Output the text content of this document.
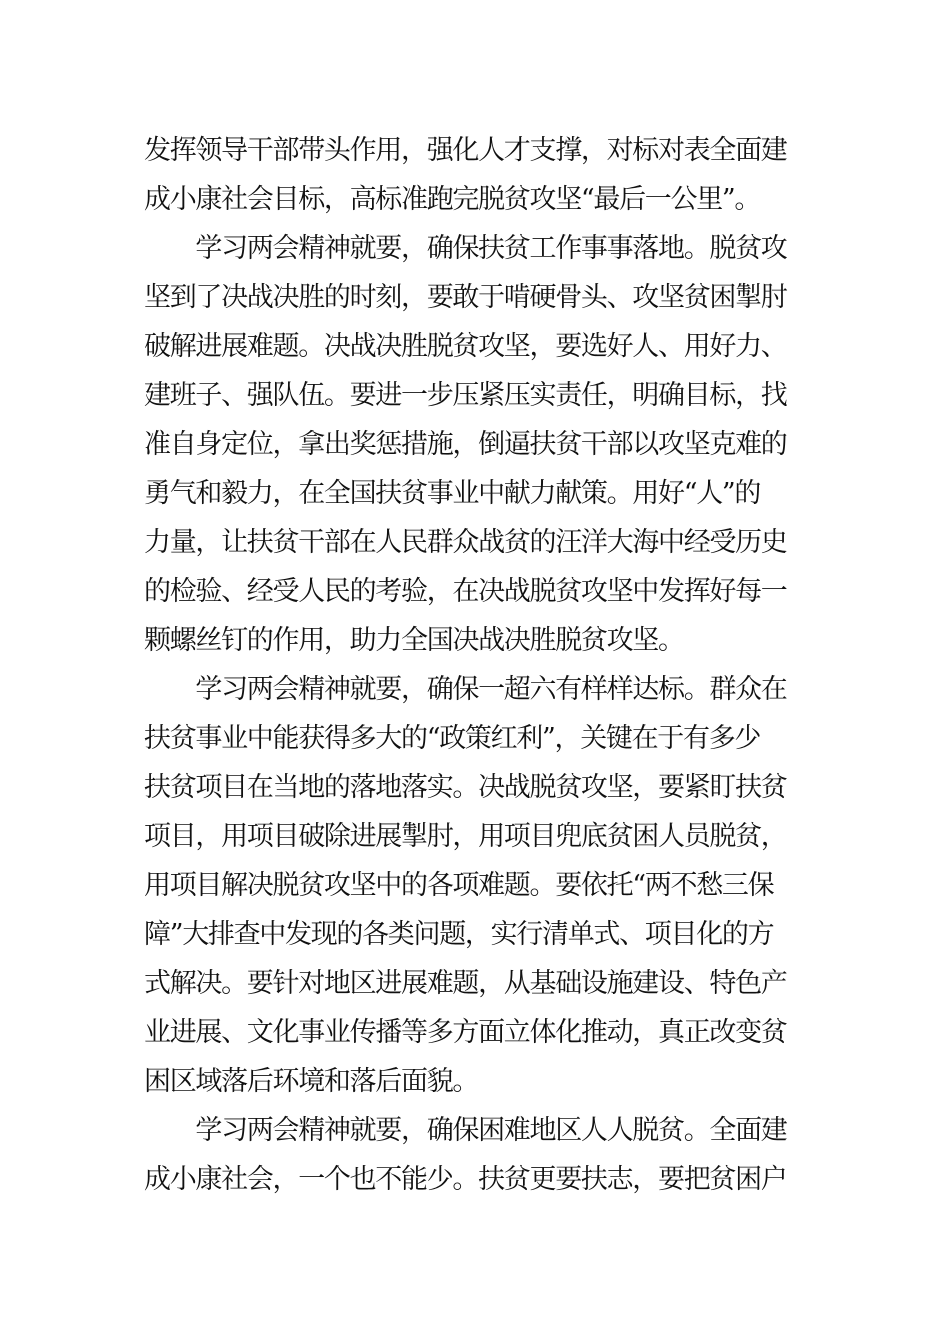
发挥领导干部带头作用，强化人才支撑，对标对表全面建
成小康社会目标，高标准跑完脱贫攻坚“最后一公里”。
　　学习两会精神就要，确保扶贫工作事事落地。脱贫攻
坚到了决战决胜的时刻，要敢于啃硬骨头、攻坚贫困掣肘
破解进展难题。决战决胜脱贫攻坚，要选好人、用好力、
建班子、强队伍。要进一步压紧压实责任，明确目标，找
准自身定位，拿出奖惩措施，倒逼扶贫干部以攻坚克难的
勇气和毅力，在全国扶贫事业中献力献策。用好“人”的
力量，让扶贫干部在人民群众战贫的汪洋大海中经受历史
的检验、经受人民的考验，在决战脱贫攻坚中发挥好每一
颗螺丝钉的作用，助力全国决战决胜脱贫攻坚。
　　学习两会精神就要，确保一超六有样样达标。群众在
扶贫事业中能获得多大的“政策红利”，关键在于有多少
扶贫项目在当地的落地落实。决战脱贫攻坚，要紧盯扶贫
项目，用项目破除进展掣肘，用项目兜底贫困人员脱贫，
用项目解决脱贫攻坚中的各项难题。要依托“两不愁三保
障”大排查中发现的各类问题，实行清单式、项目化的方
式解决。要针对地区进展难题，从基础设施建设、特色产
业进展、文化事业传播等多方面立体化推动，真正改变贫
困区域落后环境和落后面貌。
　　学习两会精神就要，确保困难地区人人脱贫。全面建
成小康社会，一个也不能少。扶贫更要扶志，要把贫困户
